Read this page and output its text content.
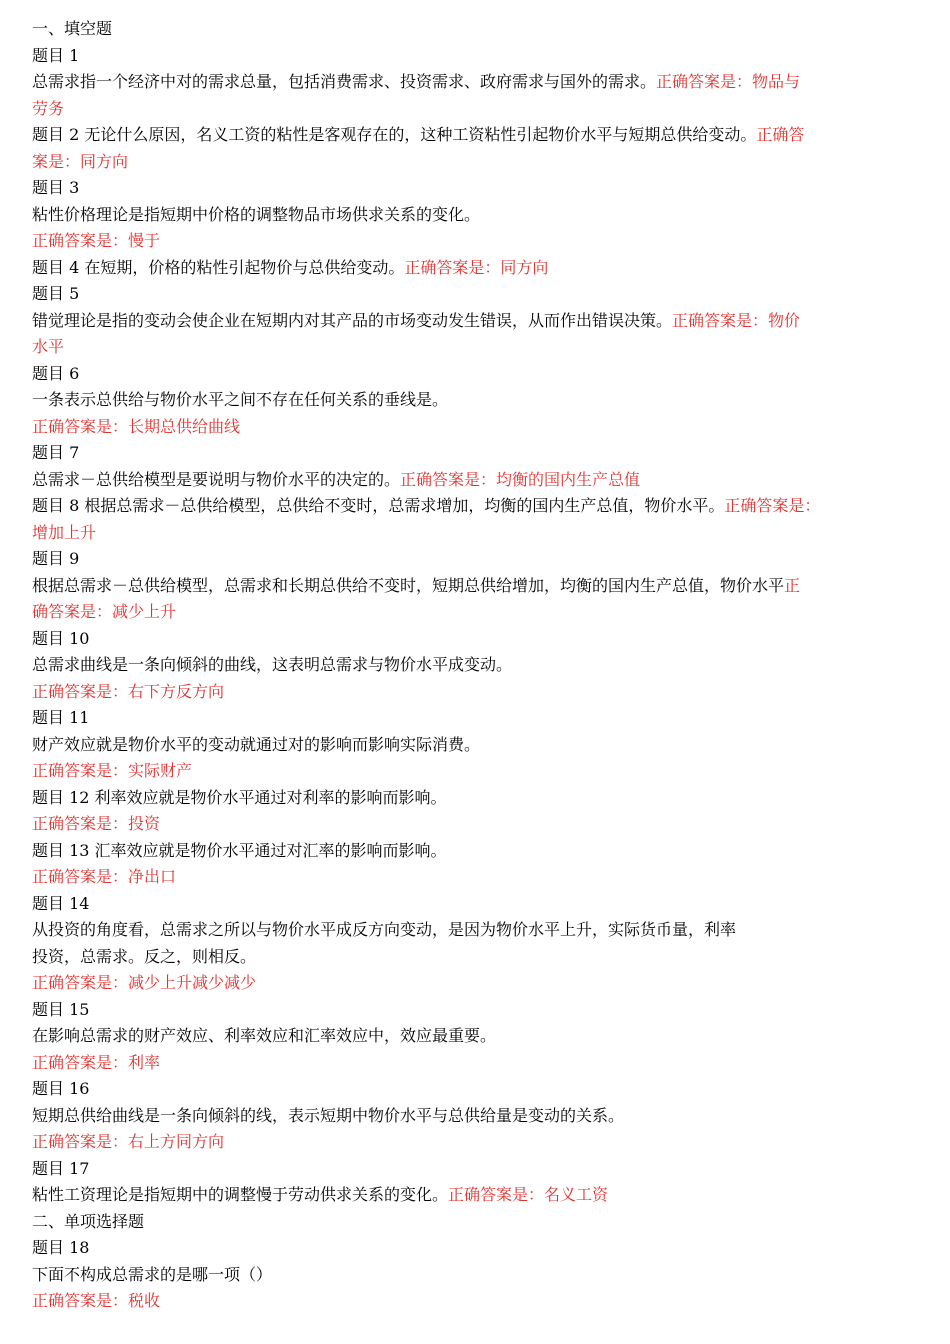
一、填空题
题目 1
总需求指一个经济中对的需求总量，包括消费需求、投资需求、政府需求与国外的需求。正确答案是：物品与
劳务
题目 2 无论什么原因，名义工资的粘性是客观存在的，这种工资粘性引起物价水平与短期总供给变动。正确答
案是：同方向
题目 3
粘性价格理论是指短期中价格的调整物品市场供求关系的变化。
正确答案是：慢于
题目 4 在短期，价格的粘性引起物价与总供给变动。正确答案是：同方向
题目 5
错觉理论是指的变动会使企业在短期内对其产品的市场变动发生错误，从而作出错误决策。正确答案是：物价
水平
题目 6
一条表示总供给与物价水平之间不存在任何关系的垂线是。
正确答案是：长期总供给曲线
题目 7
总需求－总供给模型是要说明与物价水平的决定的。正确答案是：均衡的国内生产总值
题目 8 根据总需求－总供给模型，总供给不变时，总需求增加，均衡的国内生产总值，物价水平。正确答案是：
增加上升
题目 9
根据总需求－总供给模型，总需求和长期总供给不变时，短期总供给增加，均衡的国内生产总值，物价水平正
确答案是：减少上升
题目 10
总需求曲线是一条向倾斜的曲线，这表明总需求与物价水平成变动。
正确答案是：右下方反方向
题目 11
财产效应就是物价水平的变动就通过对的影响而影响实际消费。
正确答案是：实际财产
题目 12 利率效应就是物价水平通过对利率的影响而影响。
正确答案是：投资
题目 13 汇率效应就是物价水平通过对汇率的影响而影响。
正确答案是：净出口
题目 14
从投资的角度看，总需求之所以与物价水平成反方向变动，是因为物价水平上升，实际货币量，利率
投资，总需求。反之，则相反。
正确答案是：减少上升减少减少
题目 15
在影响总需求的财产效应、利率效应和汇率效应中，效应最重要。
正确答案是：利率
题目 16
短期总供给曲线是一条向倾斜的线，表示短期中物价水平与总供给量是变动的关系。
正确答案是：右上方同方向
题目 17
粘性工资理论是指短期中的调整慢于劳动供求关系的变化。正确答案是：名义工资
二、单项选择题
题目 18
下面不构成总需求的是哪一项（）
正确答案是：税收
